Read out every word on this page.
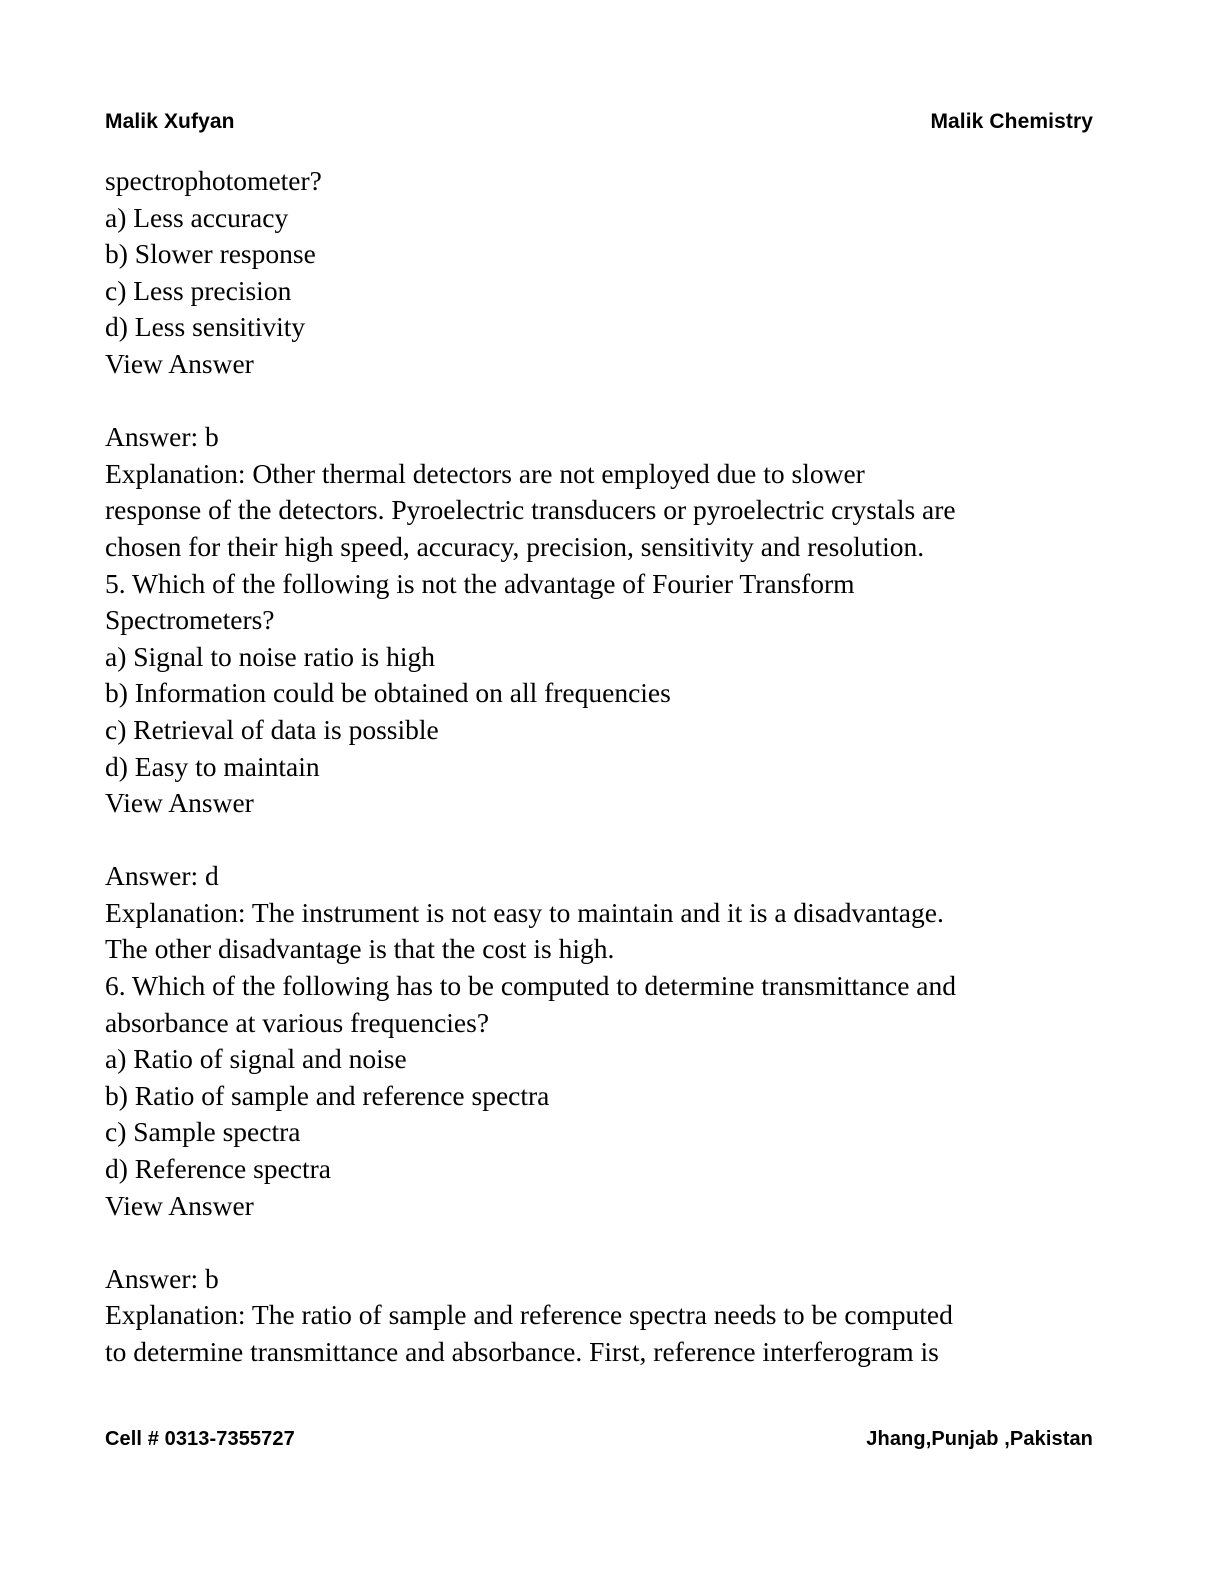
Malik Xufyan	Malik Chemistry
spectrophotometer?
a) Less accuracy
b) Slower response
c) Less precision
d) Less sensitivity
View Answer
Answer: b
Explanation: Other thermal detectors are not employed due to slower
response of the detectors. Pyroelectric transducers or pyroelectric crystals are
chosen for their high speed, accuracy, precision, sensitivity and resolution.
5. Which of the following is not the advantage of Fourier Transform
Spectrometers?
a) Signal to noise ratio is high
b) Information could be obtained on all frequencies
c) Retrieval of data is possible
d) Easy to maintain
View Answer
Answer: d
Explanation: The instrument is not easy to maintain and it is a disadvantage.
The other disadvantage is that the cost is high.
6. Which of the following has to be computed to determine transmittance and
absorbance at various frequencies?
a) Ratio of signal and noise
b) Ratio of sample and reference spectra
c) Sample spectra
d) Reference spectra
View Answer
Answer: b
Explanation: The ratio of sample and reference spectra needs to be computed
to determine transmittance and absorbance. First, reference interferogram is
Cell # 0313-7355727	Jhang,Punjab ,Pakistan
